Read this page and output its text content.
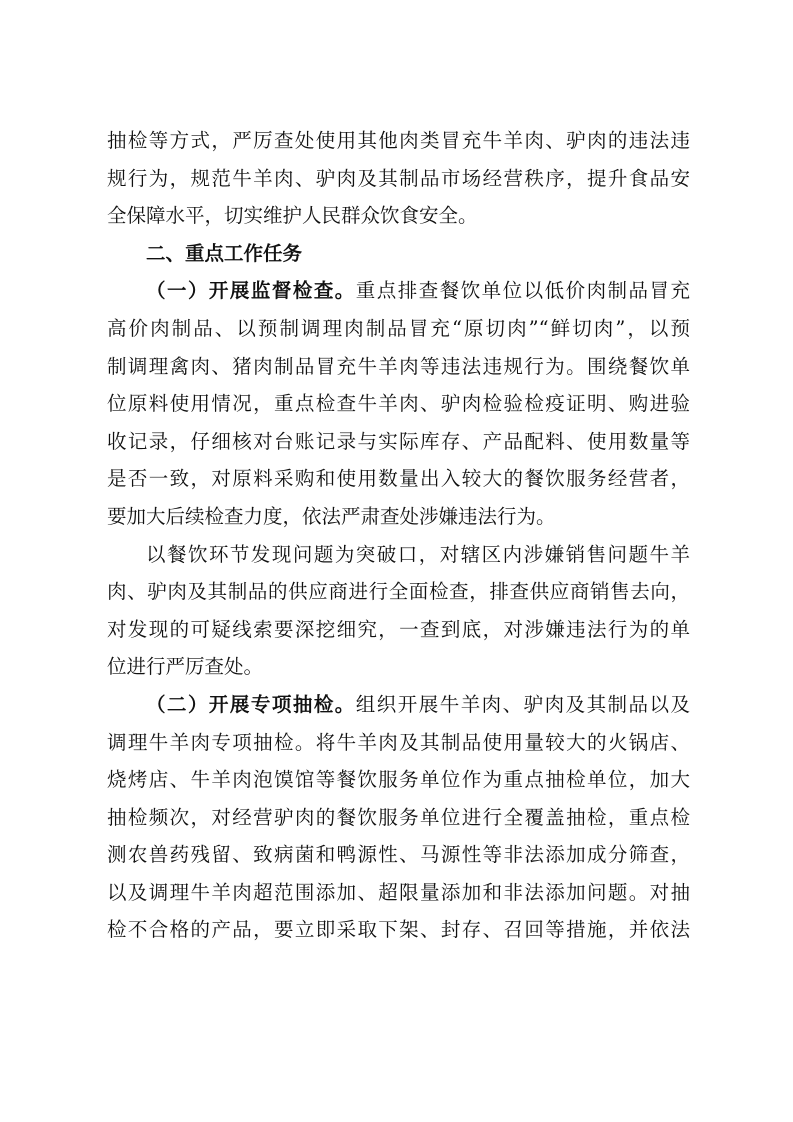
抽检等方式，严厉查处使用其他肉类冒充牛羊肉、驴肉的违法违
规行为，规范牛羊肉、驴肉及其制品市场经营秩序，提升食品安
全保障水平，切实维护人民群众饮食安全。
二、重点工作任务
（一）开展监督检查。重点排查餐饮单位以低价肉制品冒充
高价肉制品、以预制调理肉制品冒充“原切肉”“鲜切肉”，以预
制调理禽肉、猪肉制品冒充牛羊肉等违法违规行为。围绕餐饮单
位原料使用情况，重点检查牛羊肉、驴肉检验检疫证明、购进验
收记录，仔细核对台账记录与实际库存、产品配料、使用数量等
是否一致，对原料采购和使用数量出入较大的餐饮服务经营者，
要加大后续检查力度，依法严肃查处涉嫌违法行为。
以餐饮环节发现问题为突破口，对辖区内涉嫌销售问题牛羊
肉、驴肉及其制品的供应商进行全面检查，排查供应商销售去向，
对发现的可疑线索要深挖细究，一查到底，对涉嫌违法行为的单
位进行严厉查处。
（二）开展专项抽检。组织开展牛羊肉、驴肉及其制品以及
调理牛羊肉专项抽检。将牛羊肉及其制品使用量较大的火锅店、
烧烤店、牛羊肉泡馍馆等餐饮服务单位作为重点抽检单位，加大
抽检频次，对经营驴肉的餐饮服务单位进行全覆盖抽检，重点检
测农兽药残留、致病菌和鸭源性、马源性等非法添加成分筛查，
以及调理牛羊肉超范围添加、超限量添加和非法添加问题。对抽
检不合格的产品，要立即采取下架、封存、召回等措施，并依法
